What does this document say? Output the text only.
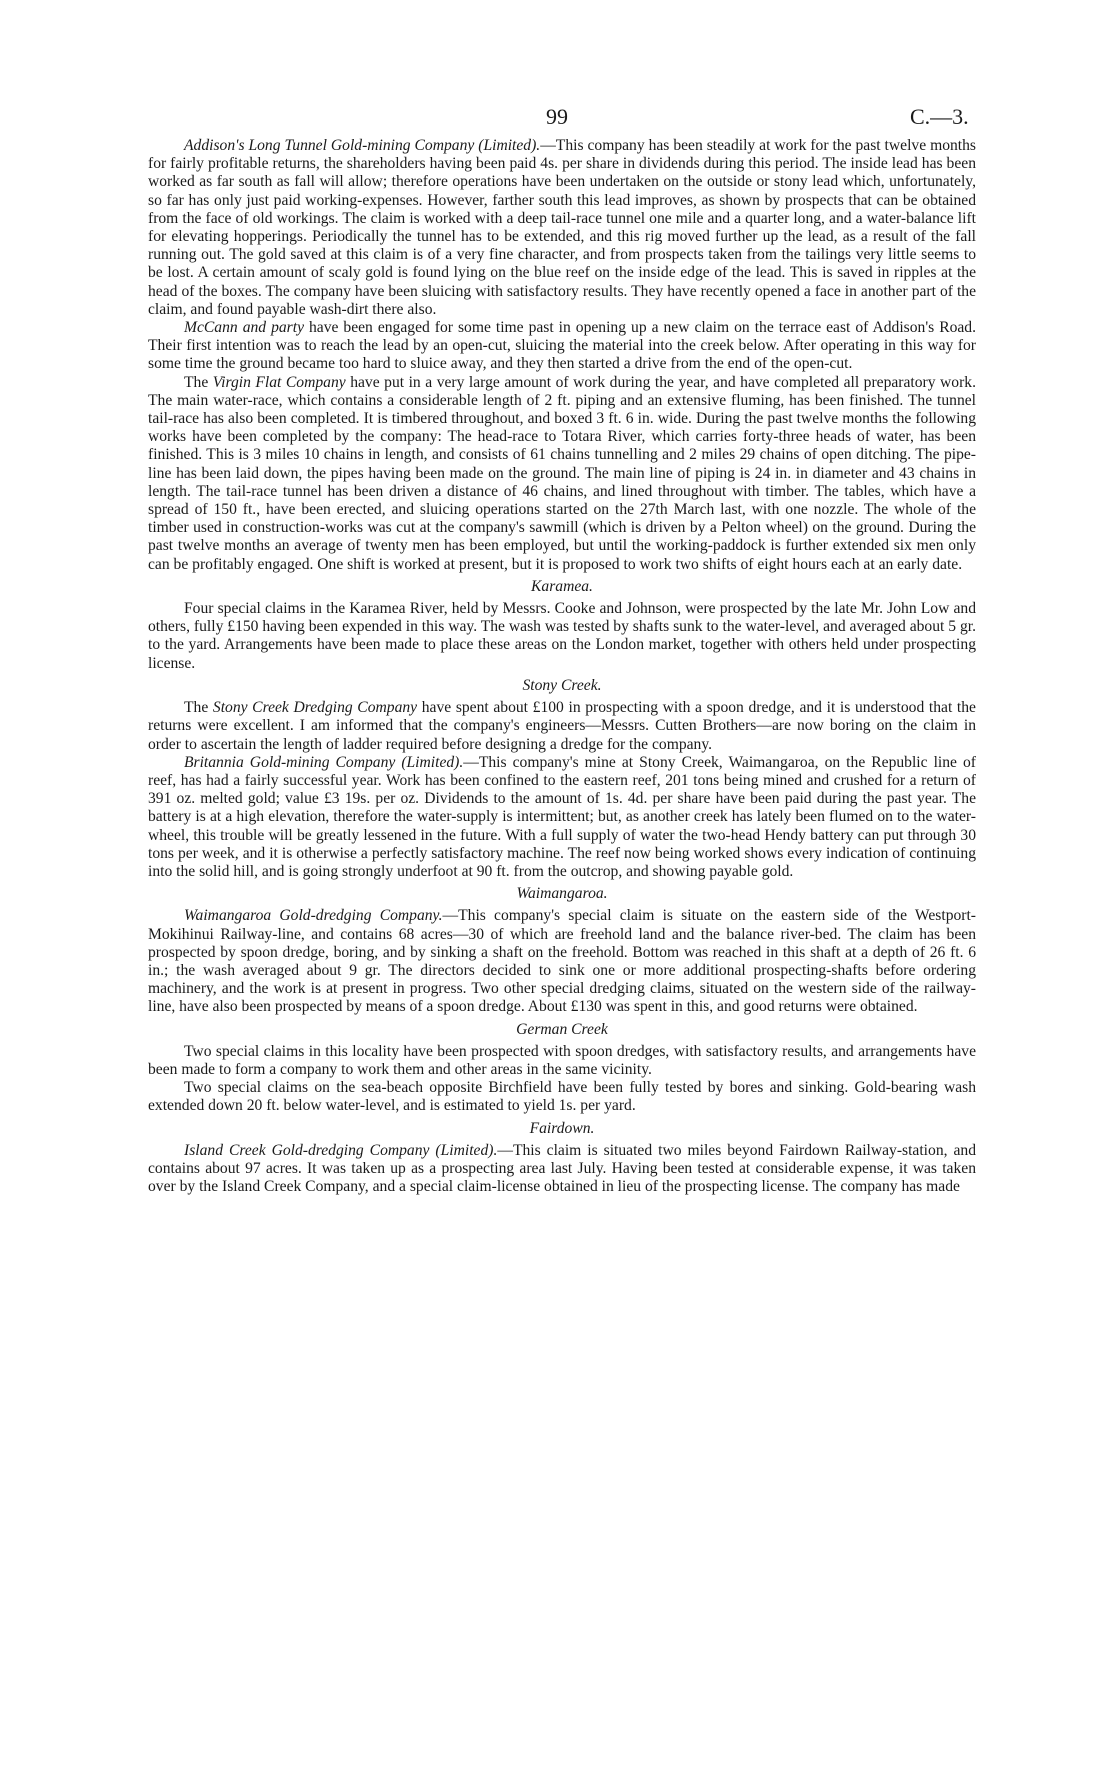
99	C.—3.

Addison's Long Tunnel Gold-mining Company (Limited).—This company has been steadily at work for the past twelve months for fairly profitable returns, the shareholders having been paid 4s. per share in dividends during this period. The inside lead has been worked as far south as fall will allow; therefore operations have been undertaken on the outside or stony lead which, unfortunately, so far has only just paid working-expenses. However, farther south this lead improves, as shown by prospects that can be obtained from the face of old workings. The claim is worked with a deep tail-race tunnel one mile and a quarter long, and a water-balance lift for elevating hopperings. Periodically the tunnel has to be extended, and this rig moved further up the lead, as a result of the fall running out. The gold saved at this claim is of a very fine character, and from prospects taken from the tailings very little seems to be lost. A certain amount of scaly gold is found lying on the blue reef on the inside edge of the lead. This is saved in ripples at the head of the boxes. The company have been sluicing with satisfactory results. They have recently opened a face in another part of the claim, and found payable wash-dirt there also.

McCann and party have been engaged for some time past in opening up a new claim on the terrace east of Addison's Road. Their first intention was to reach the lead by an open-cut, sluicing the material into the creek below. After operating in this way for some time the ground became too hard to sluice away, and they then started a drive from the end of the open-cut.

The Virgin Flat Company have put in a very large amount of work during the year, and have completed all preparatory work. The main water-race, which contains a considerable length of 2 ft. piping and an extensive fluming, has been finished. The tunnel tail-race has also been completed. It is timbered throughout, and boxed 3 ft. 6 in. wide. During the past twelve months the following works have been completed by the company: The head-race to Totara River, which carries forty-three heads of water, has been finished. This is 3 miles 10 chains in length, and consists of 61 chains tunnelling and 2 miles 29 chains of open ditching. The pipe-line has been laid down, the pipes having been made on the ground. The main line of piping is 24 in. in diameter and 43 chains in length. The tail-race tunnel has been driven a distance of 46 chains, and lined throughout with timber. The tables, which have a spread of 150 ft., have been erected, and sluicing operations started on the 27th March last, with one nozzle. The whole of the timber used in construction-works was cut at the company's sawmill (which is driven by a Pelton wheel) on the ground. During the past twelve months an average of twenty men has been employed, but until the working-paddock is further extended six men only can be profitably engaged. One shift is worked at present, but it is proposed to work two shifts of eight hours each at an early date.

Karamea.

Four special claims in the Karamea River, held by Messrs. Cooke and Johnson, were prospected by the late Mr. John Low and others, fully £150 having been expended in this way. The wash was tested by shafts sunk to the water-level, and averaged about 5 gr. to the yard. Arrangements have been made to place these areas on the London market, together with others held under prospecting license.

Stony Creek.

The Stony Creek Dredging Company have spent about £100 in prospecting with a spoon dredge, and it is understood that the returns were excellent. I am informed that the company's engineers—Messrs. Cutten Brothers—are now boring on the claim in order to ascertain the length of ladder required before designing a dredge for the company.

Britannia Gold-mining Company (Limited).—This company's mine at Stony Creek, Waimangaroa, on the Republic line of reef, has had a fairly successful year. Work has been confined to the eastern reef, 201 tons being mined and crushed for a return of 391 oz. melted gold; value £3 19s. per oz. Dividends to the amount of 1s. 4d. per share have been paid during the past year. The battery is at a high elevation, therefore the water-supply is intermittent; but, as another creek has lately been flumed on to the water-wheel, this trouble will be greatly lessened in the future. With a full supply of water the two-head Hendy battery can put through 30 tons per week, and it is otherwise a perfectly satisfactory machine. The reef now being worked shows every indication of continuing into the solid hill, and is going strongly underfoot at 90 ft. from the outcrop, and showing payable gold.

Waimangaroa.

Waimangaroa Gold-dredging Company.—This company's special claim is situate on the eastern side of the Westport-Mokihinui Railway-line, and contains 68 acres—30 of which are freehold land and the balance river-bed. The claim has been prospected by spoon dredge, boring, and by sinking a shaft on the freehold. Bottom was reached in this shaft at a depth of 26 ft. 6 in.; the wash averaged about 9 gr. The directors decided to sink one or more additional prospecting-shafts before ordering machinery, and the work is at present in progress. Two other special dredging claims, situated on the western side of the railway-line, have also been prospected by means of a spoon dredge. About £130 was spent in this, and good returns were obtained.

German Creek

Two special claims in this locality have been prospected with spoon dredges, with satisfactory results, and arrangements have been made to form a company to work them and other areas in the same vicinity.

Two special claims on the sea-beach opposite Birchfield have been fully tested by bores and sinking. Gold-bearing wash extended down 20 ft. below water-level, and is estimated to yield 1s. per yard.

Fairdown.

Island Creek Gold-dredging Company (Limited).—This claim is situated two miles beyond Fairdown Railway-station, and contains about 97 acres. It was taken up as a prospecting area last July. Having been tested at considerable expense, it was taken over by the Island Creek Company, and a special claim-license obtained in lieu of the prospecting license. The company has made
